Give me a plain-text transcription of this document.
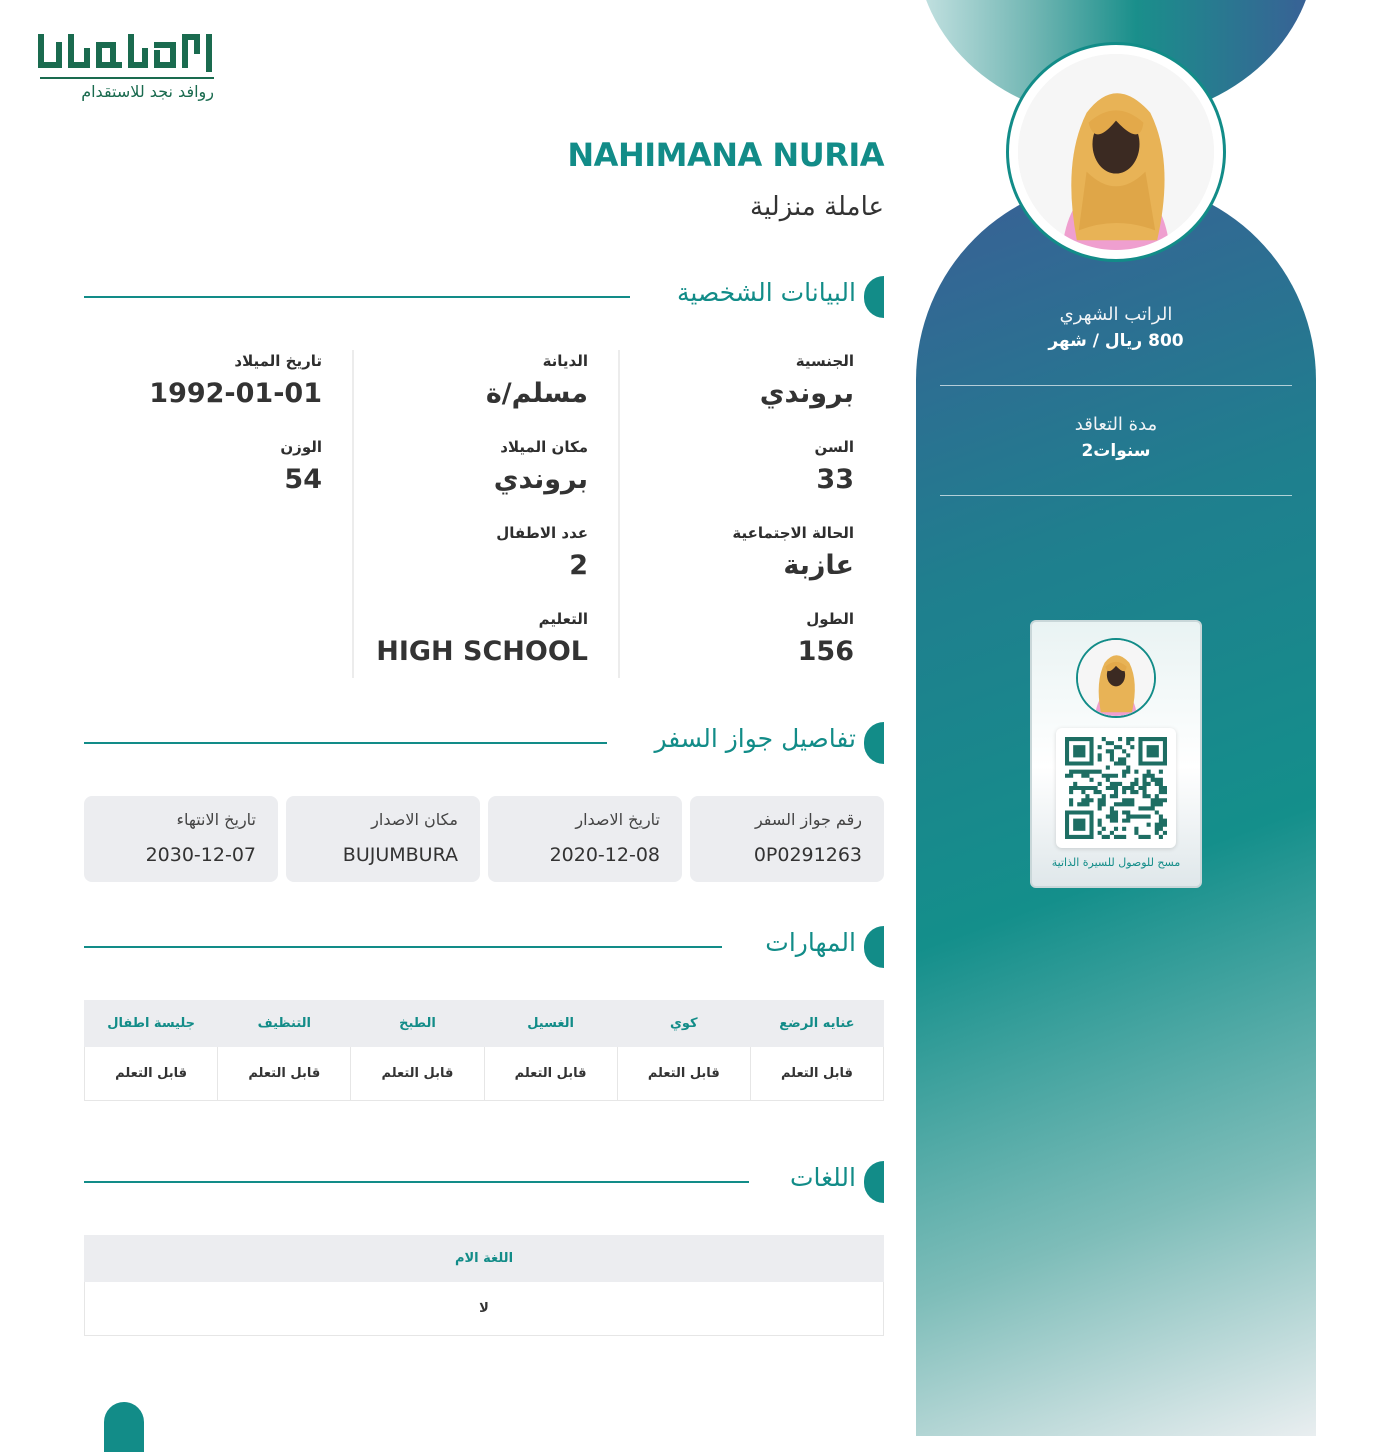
الراتب الشهري
800 ريال / شهر
مدة التعاقد
2سنوات
مسح للوصول للسيرة الذاتية
روافد نجد للاستقدام
NAHIMANA NURIA
عاملة منزلية
البيانات الشخصية
الجنسية
بروندي
السن
33
الحالة الاجتماعية
عازبة
الطول
156
الديانة
مسلم/ة
مكان الميلاد
بروندي
عدد الاطفال
2
التعليم
HIGH SCHOOL
تاريخ الميلاد
1992-01-01
الوزن
54
تفاصيل جواز السفر
رقم جواز السفر
0P0291263
تاريخ الاصدار
2020-12-08
مكان الاصدار
BUJUMBURA
تاريخ الانتهاء
2030-12-07
المهارات
عنايه الرضع	كوي	الغسيل	الطبخ	التنظيف	جليسة اطفال
قابل التعلم	قابل التعلم	قابل التعلم	قابل التعلم	قابل التعلم	قابل التعلم
اللغات
اللغة الام
لا
